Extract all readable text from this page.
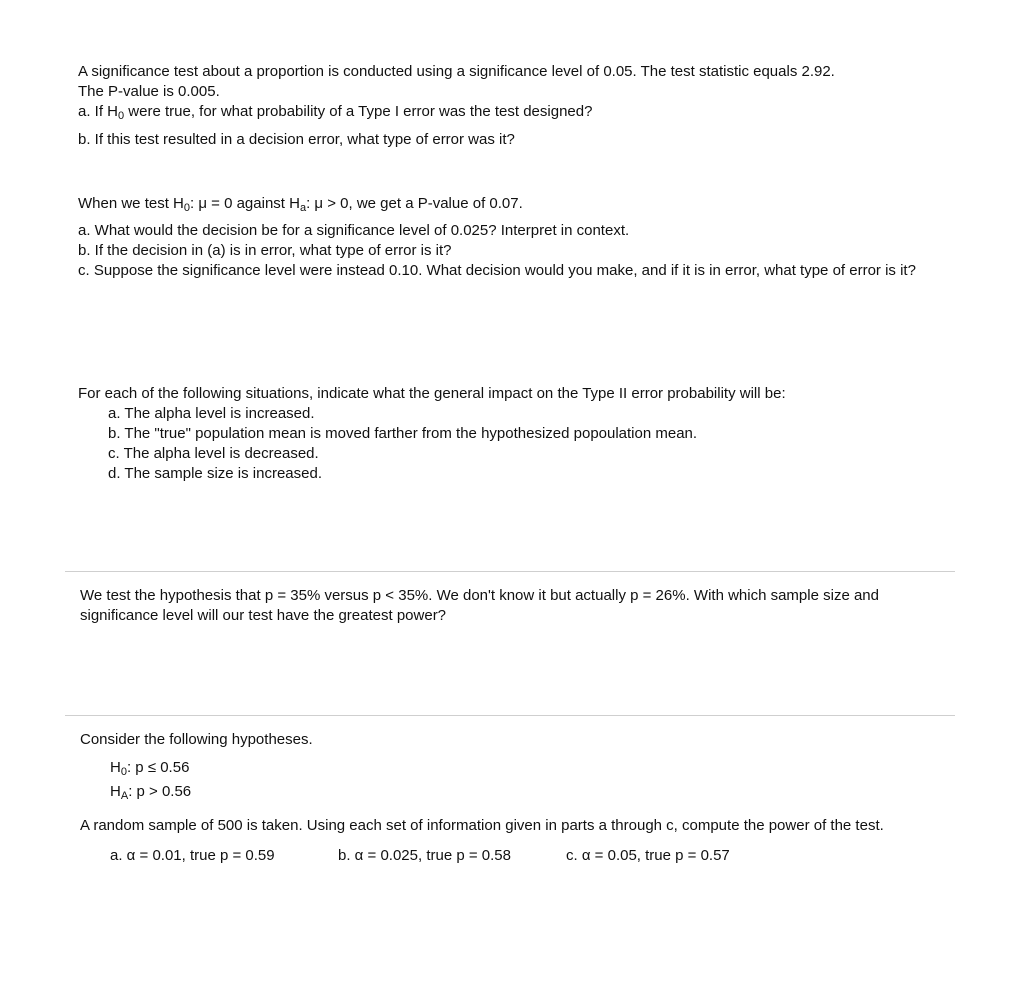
A significance test about a proportion is conducted using a significance level of 0.05. The test statistic equals 2.92.
The P-value is 0.005.
a. If $H_0$ were true, for what probability of a Type I error was the test designed?
b. If this test resulted in a decision error, what type of error was it?
When we test $H_0$: μ = 0 against $H_a$: μ > 0, we get a P-value of 0.07.
a. What would the decision be for a significance level of 0.025? Interpret in context.
b. If the decision in (a) is in error, what type of error is it?
c. Suppose the significance level were instead 0.10. What decision would you make, and if it is in error, what type of error is it?
For each of the following situations, indicate what the general impact on the Type II error probability will be:
a. The alpha level is increased.
b. The "true" population mean is moved farther from the hypothesized popoulation mean.
c. The alpha level is decreased.
d. The sample size is increased.
We test the hypothesis that p = 35% versus p < 35%. We don't know it but actually p = 26%. With which sample size and significance level will our test have the greatest power?
Consider the following hypotheses.
$H_0$: p ≤ 0.56
$H_A$: p > 0.56
A random sample of 500 is taken. Using each set of information given in parts a through c, compute the power of the test.
a. α = 0.01, true p = 0.59	b. α = 0.025, true p = 0.58	c. α = 0.05, true p = 0.57
